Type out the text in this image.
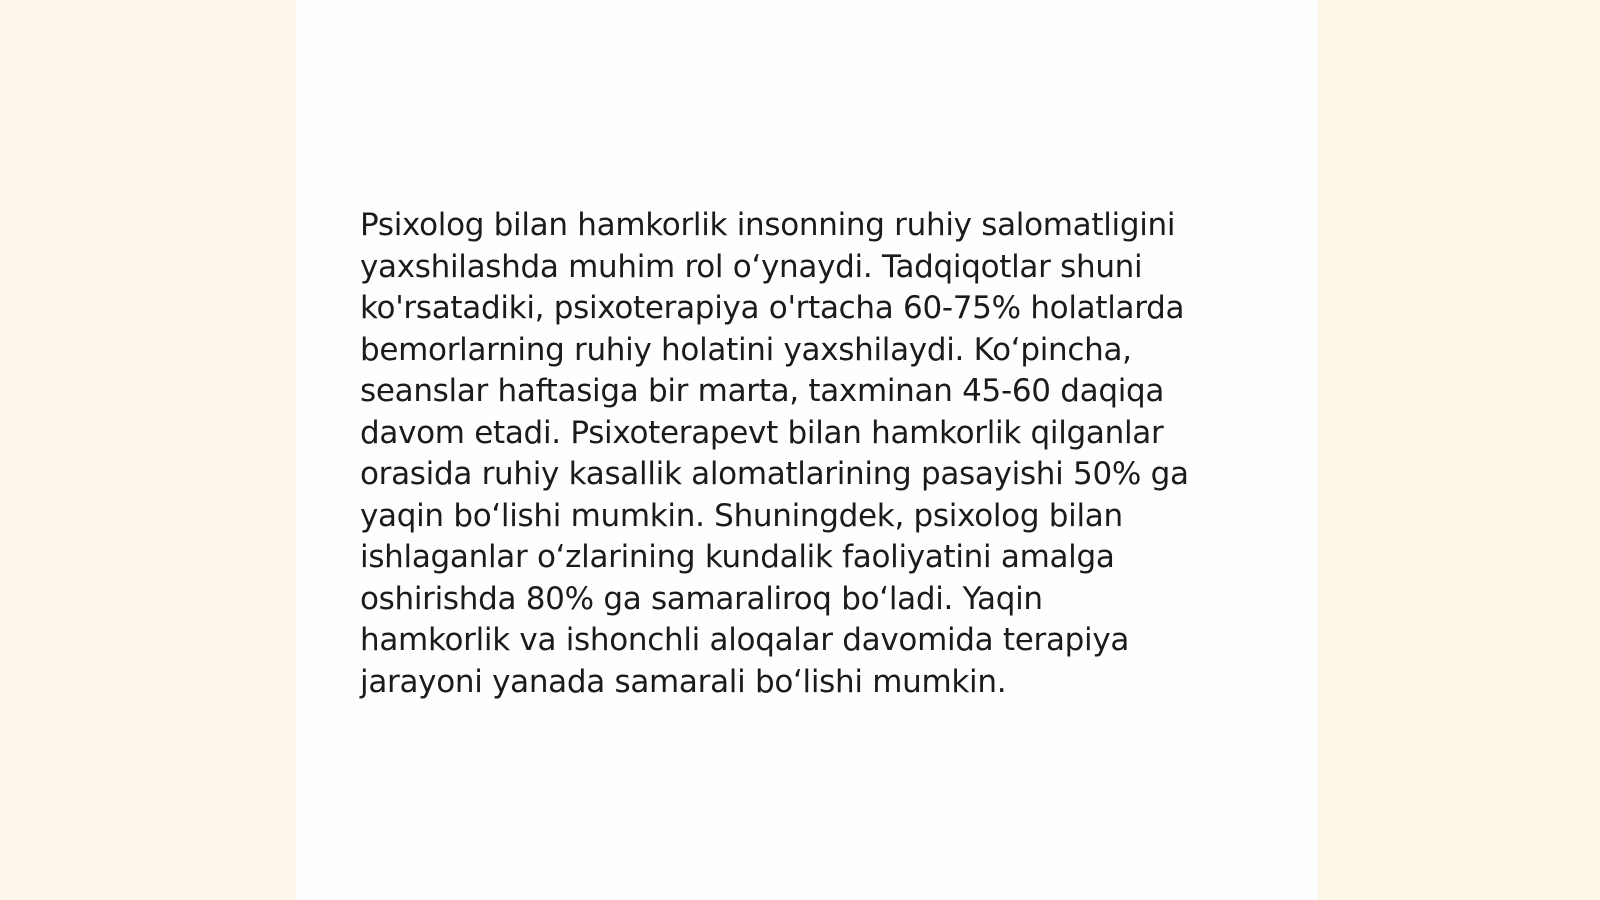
Psixolog bilan hamkorlik insonning ruhiy salomatligini
yaxshilashda muhim rol oʻynaydi. Tadqiqotlar shuni
ko'rsatadiki, psixoterapiya o'rtacha 60-75% holatlarda
bemorlarning ruhiy holatini yaxshilaydi. Koʻpincha,
seanslar haftasiga bir marta, taxminan 45-60 daqiqa
davom etadi. Psixoterapevt bilan hamkorlik qilganlar
orasida ruhiy kasallik alomatlarining pasayishi 50% ga
yaqin boʻlishi mumkin. Shuningdek, psixolog bilan
ishlaganlar oʻzlarining kundalik faoliyatini amalga
oshirishda 80% ga samaraliroq boʻladi. Yaqin
hamkorlik va ishonchli aloqalar davomida terapiya
jarayoni yanada samarali boʻlishi mumkin.
